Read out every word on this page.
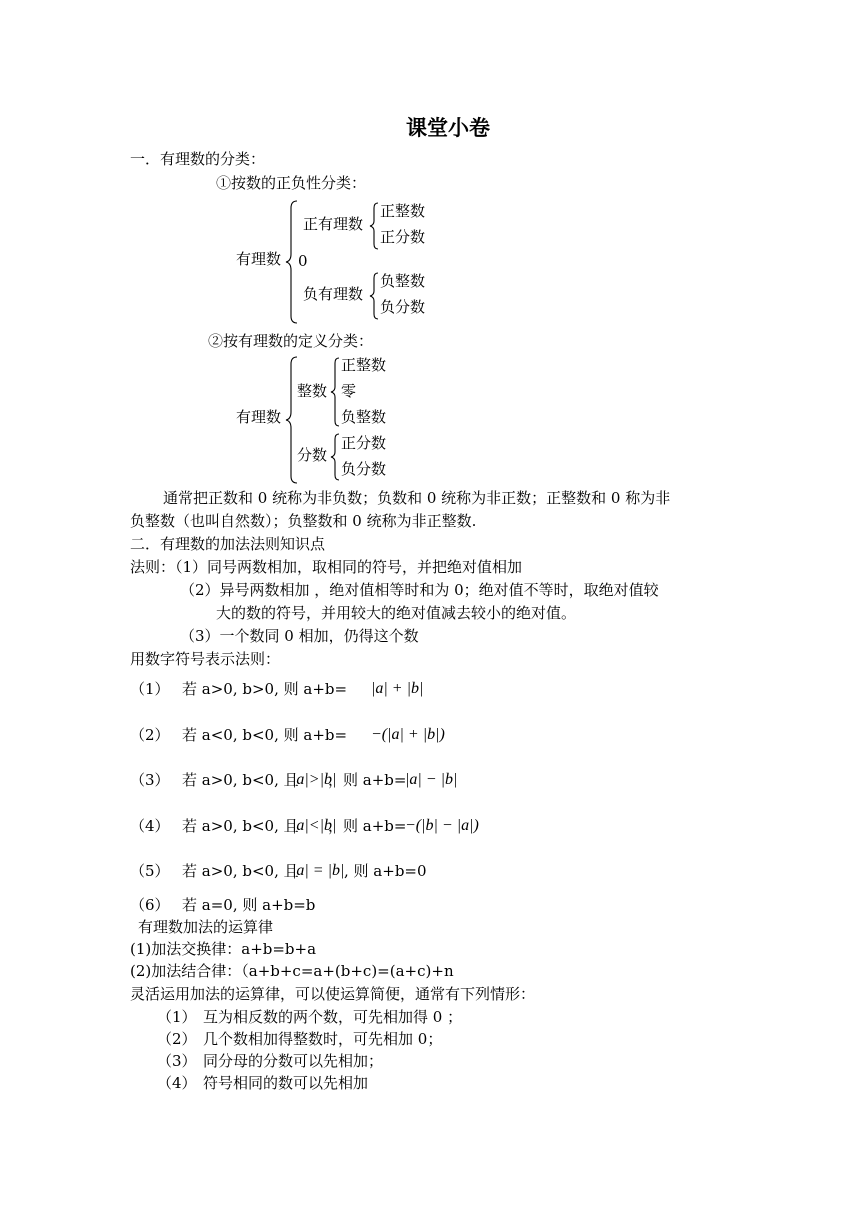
课堂小卷
一．有理数的分类：
①按数的正负性分类：
有理数
正有理数
正整数
正分数
0
负有理数
负整数
负分数
②按有理数的定义分类：
有理数
整数
正整数
零
负整数
分数
正分数
负分数
通常把正数和 0 统称为非负数；负数和 0 统称为非正数；正整数和 0 称为非
负整数（也叫自然数）；负整数和 0 统称为非正整数.
二．有理数的加法法则知识点
法则：（1）同号两数相加，取相同的符号，并把绝对值相加
（2）异号两数相加 ，绝对值相等时和为 0；绝对值不等时，取绝对值较
大的数的符号，并用较大的绝对值减去较小的绝对值。
（3）一个数同 0 相加，仍得这个数
用数字符号表示法则：
（1） 若 a>0, b>0, 则 a+b= |a| + |b|
（2） 若 a<0, b<0, 则 a+b= −(|a| + |b|)
（3） 若 a>0, b<0, 且
|a|>|b|
，则 a+b=
|a| − |b|
（4） 若 a>0, b<0, 且
|a|<|b|
，则 a+b=
−(|b| − |a|)
（5） 若 a>0, b<0, 且
|a| = |b| , 则 a+b=0
（6） 若 a=0, 则 a+b=b
有理数加法的运算律
(1)加法交换律：a+b=b+a
(2)加法结合律：（a+b+c=a+(b+c)=(a+c)+n
灵活运用加法的运算律，可以使运算简便，通常有下列情形：
（1） 互为相反数的两个数，可先相加得 0 ；
（2） 几个数相加得整数时，可先相加 0；
（3） 同分母的分数可以先相加；
（4） 符号相同的数可以先相加
